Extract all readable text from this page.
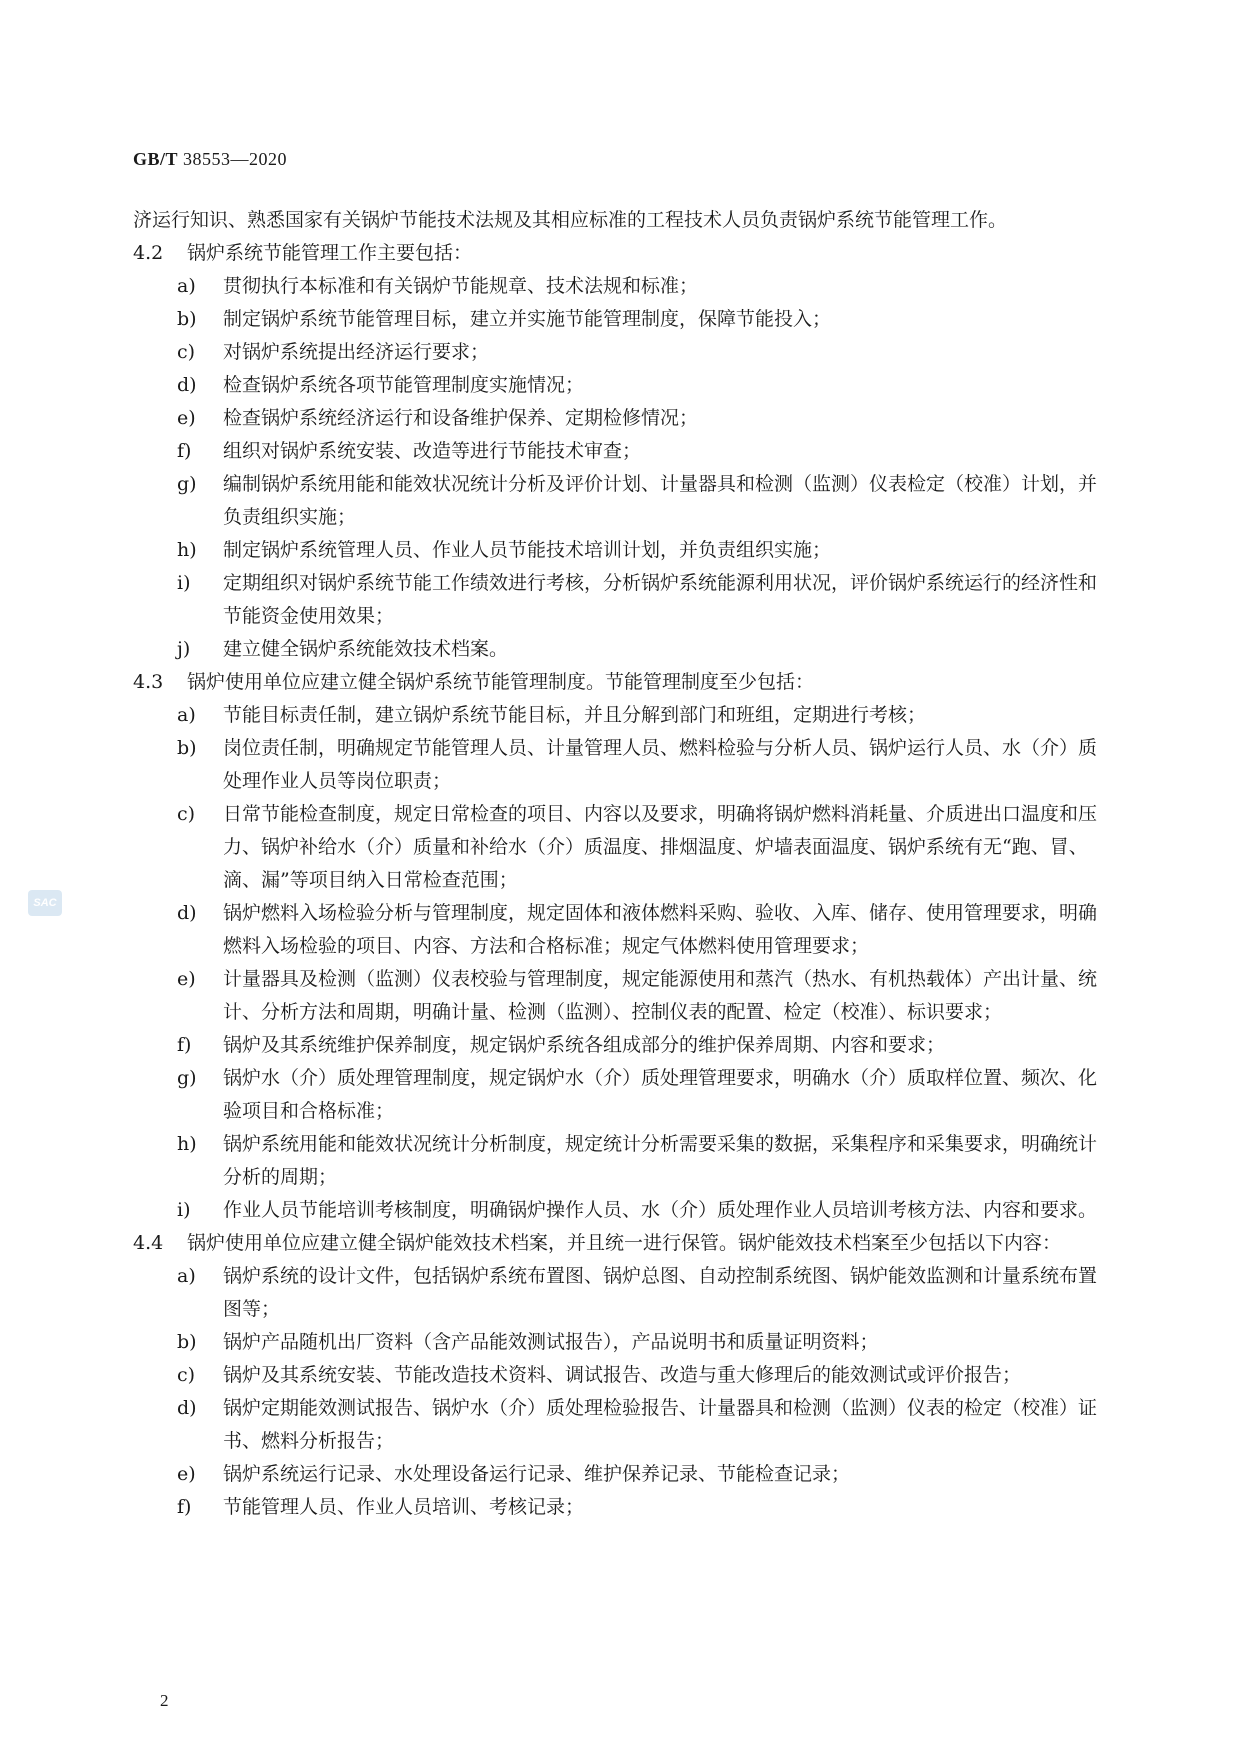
GB/T 38553—2020

济运行知识、熟悉国家有关锅炉节能技术法规及其相应标准的工程技术人员负责锅炉系统节能管理工作。

4.2 锅炉系统节能管理工作主要包括：

a) 贯彻执行本标准和有关锅炉节能规章、技术法规和标准；
b) 制定锅炉系统节能管理目标，建立并实施节能管理制度，保障节能投入；
c) 对锅炉系统提出经济运行要求；
d) 检查锅炉系统各项节能管理制度实施情况；
e) 检查锅炉系统经济运行和设备维护保养、定期检修情况；
f) 组织对锅炉系统安装、改造等进行节能技术审查；
g) 编制锅炉系统用能和能效状况统计分析及评价计划、计量器具和检测（监测）仪表检定（校准）计划，并负责组织实施；
h) 制定锅炉系统管理人员、作业人员节能技术培训计划，并负责组织实施；
i) 定期组织对锅炉系统节能工作绩效进行考核，分析锅炉系统能源利用状况，评价锅炉系统运行的经济性和节能资金使用效果；
j) 建立健全锅炉系统能效技术档案。
4.3 锅炉使用单位应建立健全锅炉系统节能管理制度。节能管理制度至少包括：

a) 节能目标责任制，建立锅炉系统节能目标，并且分解到部门和班组，定期进行考核；
b) 岗位责任制，明确规定节能管理人员、计量管理人员、燃料检验与分析人员、锅炉运行人员、水（介）质处理作业人员等岗位职责；
c) 日常节能检查制度，规定日常检查的项目、内容以及要求，明确将锅炉燃料消耗量、介质进出口温度和压力、锅炉补给水（介）质量和补给水（介）质温度、排烟温度、炉墙表面温度、锅炉系统有无“跑、冒、滴、漏”等项目纳入日常检查范围；
d) 锅炉燃料入场检验分析与管理制度，规定固体和液体燃料采购、验收、入库、储存、使用管理要求，明确燃料入场检验的项目、内容、方法和合格标准；规定气体燃料使用管理要求；
e) 计量器具及检测（监测）仪表校验与管理制度，规定能源使用和蒸汽（热水、有机热载体）产出计量、统计、分析方法和周期，明确计量、检测（监测）、控制仪表的配置、检定（校准）、标识要求；
f) 锅炉及其系统维护保养制度，规定锅炉系统各组成部分的维护保养周期、内容和要求；
g) 锅炉水（介）质处理管理制度，规定锅炉水（介）质处理管理要求，明确水（介）质取样位置、频次、化验项目和合格标准；
h) 锅炉系统用能和能效状况统计分析制度，规定统计分析需要采集的数据，采集程序和采集要求，明确统计分析的周期；
i) 作业人员节能培训考核制度，明确锅炉操作人员、水（介）质处理作业人员培训考核方法、内容和要求。
4.4 锅炉使用单位应建立健全锅炉能效技术档案，并且统一进行保管。锅炉能效技术档案至少包括以下内容：

a) 锅炉系统的设计文件，包括锅炉系统布置图、锅炉总图、自动控制系统图、锅炉能效监测和计量系统布置图等；
b) 锅炉产品随机出厂资料（含产品能效测试报告），产品说明书和质量证明资料；
c) 锅炉及其系统安装、节能改造技术资料、调试报告、改造与重大修理后的能效测试或评价报告；
d) 锅炉定期能效测试报告、锅炉水（介）质处理检验报告、计量器具和检测（监测）仪表的检定（校准）证书、燃料分析报告；
e) 锅炉系统运行记录、水处理设备运行记录、维护保养记录、节能检查记录；
f) 节能管理人员、作业人员培训、考核记录；
SAC
2
